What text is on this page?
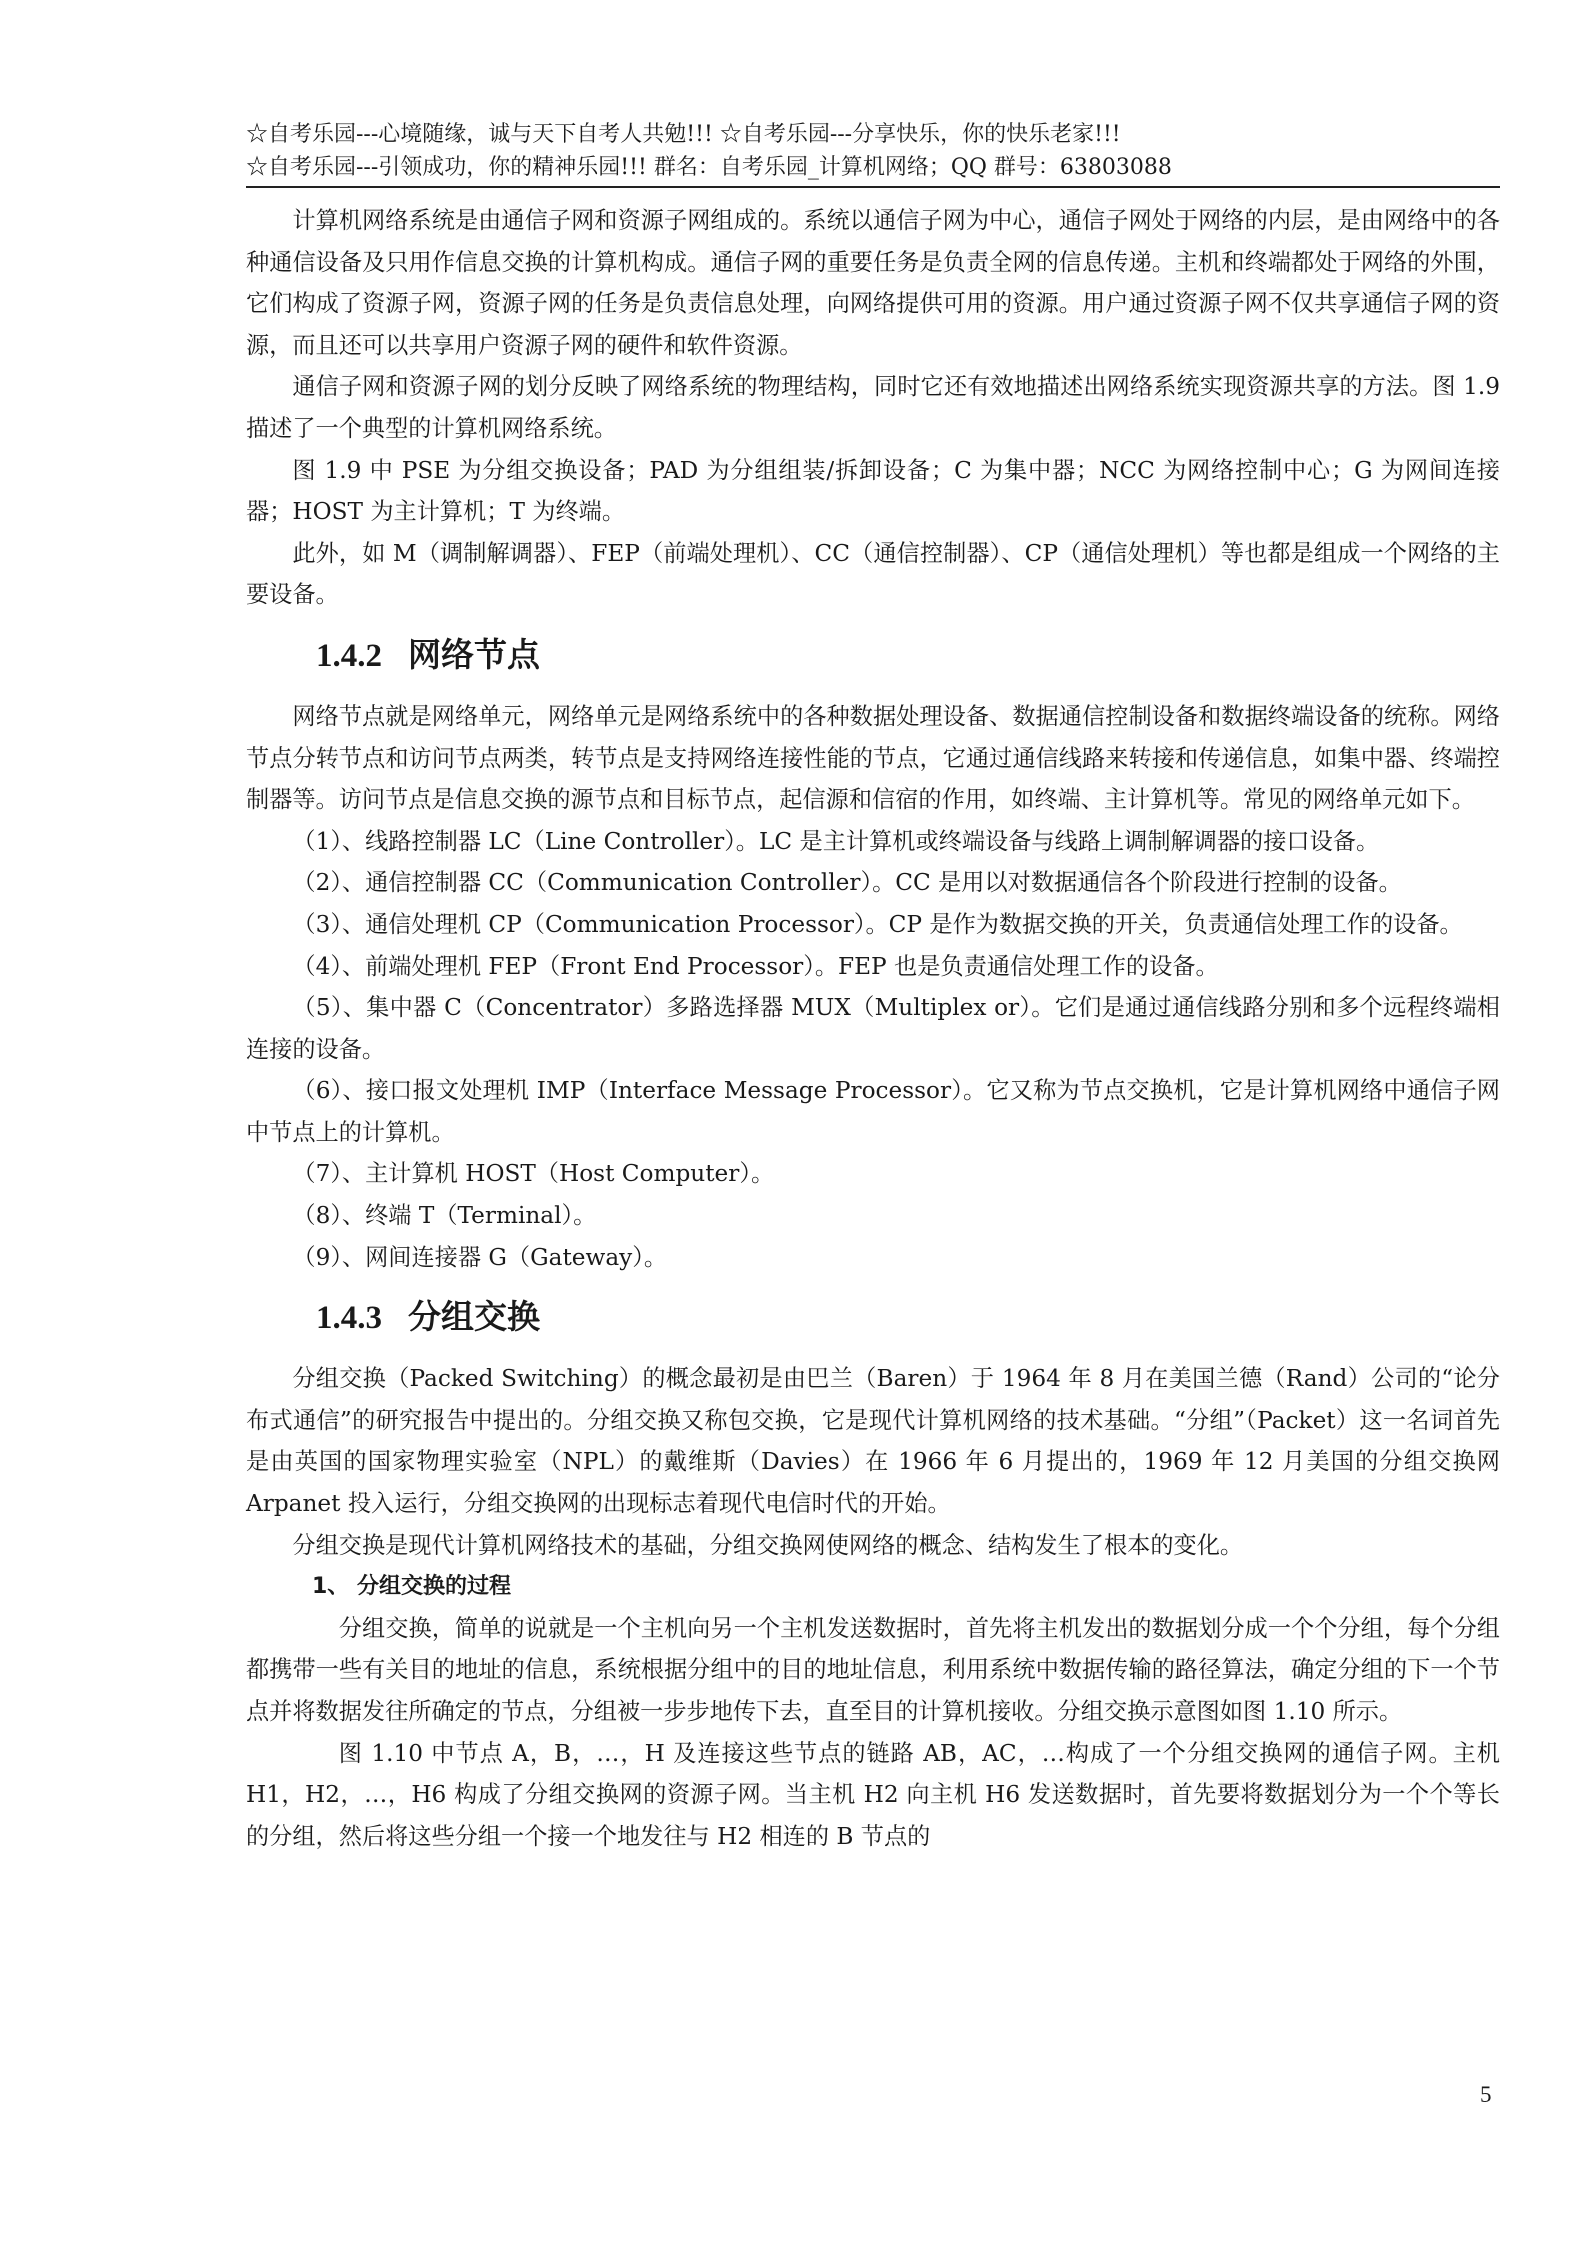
☆自考乐园---心境随缘，诚与天下自考人共勉!!! ☆自考乐园---分享快乐，你的快乐老家!!!
☆自考乐园---引领成功，你的精神乐园!!! 群名：自考乐园_计算机网络；QQ 群号：63803088

计算机网络系统是由通信子网和资源子网组成的。系统以通信子网为中心，通信子网处于网络的内层，是由网络中的各种通信设备及只用作信息交换的计算机构成。通信子网的重要任务是负责全网的信息传递。主机和终端都处于网络的外围，它们构成了资源子网，资源子网的任务是负责信息处理，向网络提供可用的资源。用户通过资源子网不仅共享通信子网的资源，而且还可以共享用户资源子网的硬件和软件资源。

通信子网和资源子网的划分反映了网络系统的物理结构，同时它还有效地描述出网络系统实现资源共享的方法。图 1.9 描述了一个典型的计算机网络系统。

图 1.9 中 PSE 为分组交换设备；PAD 为分组组装/拆卸设备；C 为集中器；NCC 为网络控制中心；G 为网间连接器；HOST 为主计算机；T 为终端。

此外，如 M（调制解调器）、FEP（前端处理机）、CC（通信控制器）、CP（通信处理机）等也都是组成一个网络的主要设备。

1.4.2 网络节点

网络节点就是网络单元，网络单元是网络系统中的各种数据处理设备、数据通信控制设备和数据终端设备的统称。网络节点分转节点和访问节点两类，转节点是支持网络连接性能的节点，它通过通信线路来转接和传递信息，如集中器、终端控制器等。访问节点是信息交换的源节点和目标节点，起信源和信宿的作用，如终端、主计算机等。常见的网络单元如下。

（1）、线路控制器 LC（Line Controller）。LC 是主计算机或终端设备与线路上调制解调器的接口设备。

（2）、通信控制器 CC（Communication Controller）。CC 是用以对数据通信各个阶段进行控制的设备。

（3）、通信处理机 CP（Communication Processor）。CP 是作为数据交换的开关，负责通信处理工作的设备。

（4）、前端处理机 FEP（Front End Processor）。FEP 也是负责通信处理工作的设备。

（5）、集中器 C（Concentrator）多路选择器 MUX（Multiplex or）。它们是通过通信线路分别和多个远程终端相连接的设备。

（6）、接口报文处理机 IMP（Interface Message Processor）。它又称为节点交换机，它是计算机网络中通信子网中节点上的计算机。

（7）、主计算机 HOST（Host Computer）。

（8）、终端 T（Terminal）。

（9）、网间连接器 G（Gateway）。

1.4.3 分组交换

分组交换（Packed Switching）的概念最初是由巴兰（Baren）于 1964 年 8 月在美国兰德（Rand）公司的“论分布式通信”的研究报告中提出的。分组交换又称包交换，它是现代计算机网络的技术基础。“分组”（Packet）这一名词首先是由英国的国家物理实验室（NPL）的戴维斯（Davies）在 1966 年 6 月提出的，1969 年 12 月美国的分组交换网 Arpanet 投入运行，分组交换网的出现标志着现代电信时代的开始。

分组交换是现代计算机网络技术的基础，分组交换网使网络的概念、结构发生了根本的变化。

1、 分组交换的过程

分组交换，简单的说就是一个主机向另一个主机发送数据时，首先将主机发出的数据划分成一个个分组，每个分组都携带一些有关目的地址的信息，系统根据分组中的目的地址信息，利用系统中数据传输的路径算法，确定分组的下一个节点并将数据发往所确定的节点，分组被一步步地传下去，直至目的计算机接收。分组交换示意图如图 1.10 所示。

图 1.10 中节点 A，B，…，H 及连接这些节点的链路 AB，AC，…构成了一个分组交换网的通信子网。主机 H1，H2，…，H6 构成了分组交换网的资源子网。当主机 H2 向主机 H6 发送数据时，首先要将数据划分为一个个等长的分组，然后将这些分组一个接一个地发往与 H2 相连的 B 节点的

5
